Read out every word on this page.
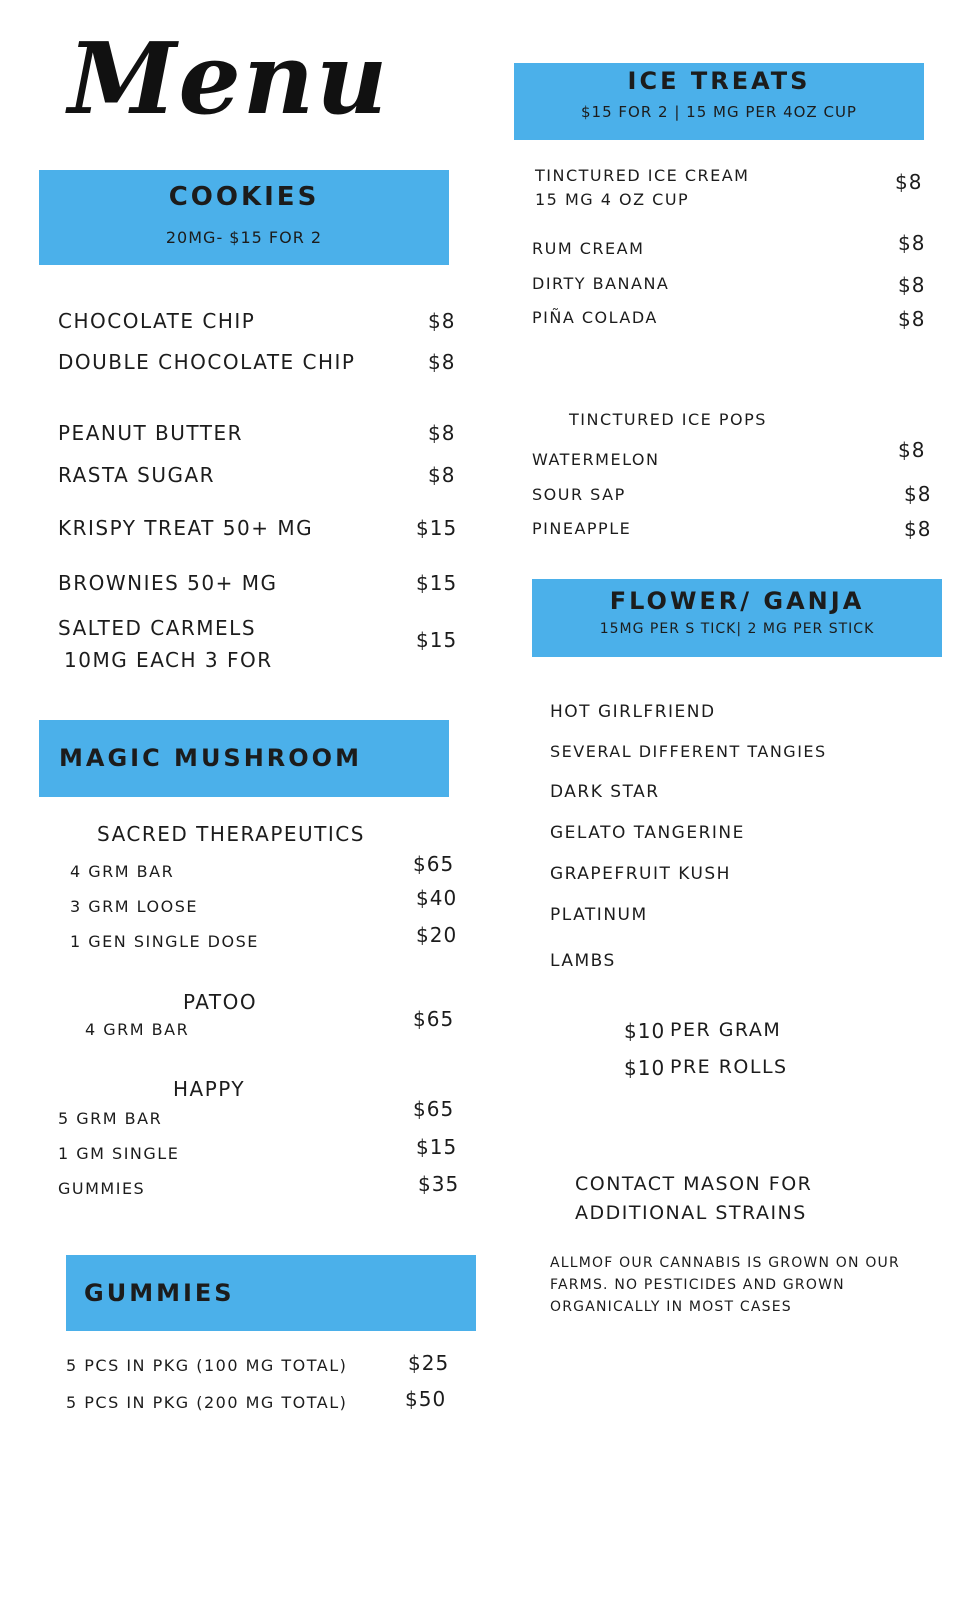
Menu
COOKIES
20MG- $15 FOR 2
CHOCOLATE CHIP	$8
DOUBLE CHOCOLATE CHIP	$8
PEANUT BUTTER	$8
RASTA SUGAR	$8
KRISPY TREAT 50+ MG	$15
BROWNIES 50+ MG	$15
SALTED CARMELS
10MG EACH 3 FOR
$15
MAGIC MUSHROOM
SACRED THERAPEUTICS
4 GRM BAR	$65
3 GRM LOOSE	$40
1 GEN SINGLE DOSE	$20
PATOO
4 GRM BAR	$65
HAPPY
5 GRM BAR	$65
1 GM SINGLE	$15
GUMMIES	$35
GUMMIES
5 PCS IN PKG (100 MG TOTAL)	$25
5 PCS IN PKG (200 MG TOTAL)	$50
ICE TREATS
$15 FOR 2 | 15 MG PER 4OZ CUP
TINCTURED ICE CREAM
15 MG 4 OZ CUP
$8
RUM CREAM	$8
DIRTY BANANA	$8
PIÑA COLADA	$8
TINCTURED ICE POPS
WATERMELON	$8
SOUR SAP	$8
PINEAPPLE	$8
FLOWER/ GANJA
15MG PER S TICK| 2 MG PER STICK
HOT GIRLFRIEND
SEVERAL DIFFERENT TANGIES
DARK STAR
GELATO TANGERINE
GRAPEFRUIT KUSH
PLATINUM
LAMBS
$10 PER GRAM
$10 PRE ROLLS
CONTACT MASON FOR
ADDITIONAL STRAINS
ALLMOF OUR CANNABIS IS GROWN ON OUR
FARMS. NO PESTICIDES AND GROWN
ORGANICALLY IN MOST CASES
